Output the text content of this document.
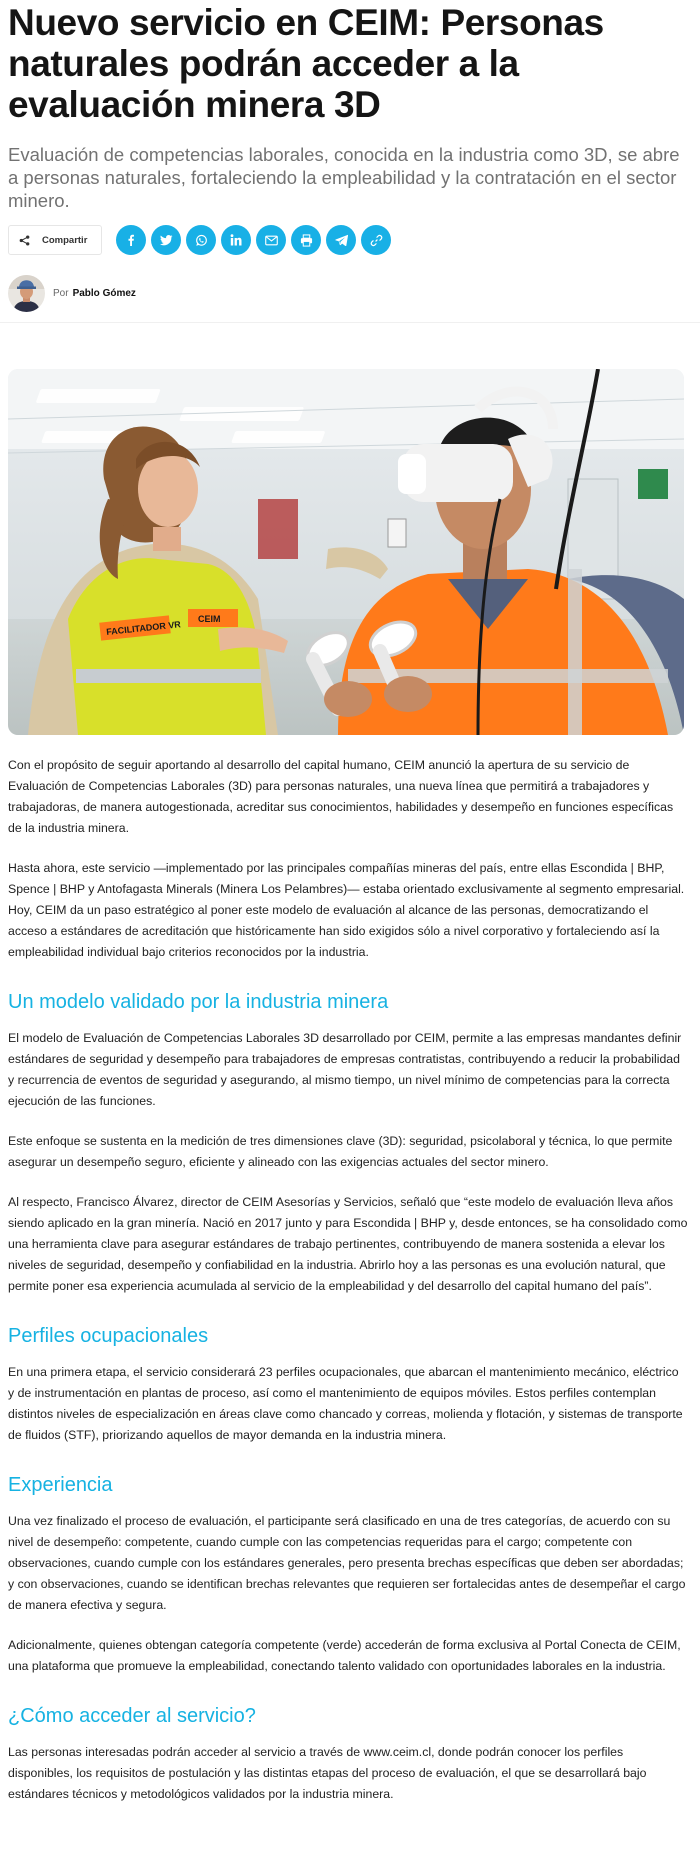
Nuevo servicio en CEIM: Personas naturales podrán acceder a la evaluación minera 3D

Evaluación de competencias laborales, conocida en la industria como 3D, se abre a personas naturales, fortaleciendo la empleabilidad y la contratación en el sector minero.

Compartir
Por Pablo Gómez
FACILITADOR VR
CEIM

Con el propósito de seguir aportando al desarrollo del capital humano, CEIM anunció la apertura de su servicio de Evaluación de Competencias Laborales (3D) para personas naturales, una nueva línea que permitirá a trabajadores y trabajadoras, de manera autogestionada, acreditar sus conocimientos, habilidades y desempeño en funciones específicas de la industria minera.

Hasta ahora, este servicio —implementado por las principales compañías mineras del país, entre ellas Escondida | BHP, Spence | BHP y Antofagasta Minerals (Minera Los Pelambres)— estaba orientado exclusivamente al segmento empresarial. Hoy, CEIM da un paso estratégico al poner este modelo de evaluación al alcance de las personas, democratizando el acceso a estándares de acreditación que históricamente han sido exigidos sólo a nivel corporativo y fortaleciendo así la empleabilidad individual bajo criterios reconocidos por la industria.

Un modelo validado por la industria minera

El modelo de Evaluación de Competencias Laborales 3D desarrollado por CEIM, permite a las empresas mandantes definir estándares de seguridad y desempeño para trabajadores de empresas contratistas, contribuyendo a reducir la probabilidad y recurrencia de eventos de seguridad y asegurando, al mismo tiempo, un nivel mínimo de competencias para la correcta ejecución de las funciones.

Este enfoque se sustenta en la medición de tres dimensiones clave (3D): seguridad, psicolaboral y técnica, lo que permite asegurar un desempeño seguro, eficiente y alineado con las exigencias actuales del sector minero.

Al respecto, Francisco Álvarez, director de CEIM Asesorías y Servicios, señaló que “este modelo de evaluación lleva años siendo aplicado en la gran minería. Nació en 2017 junto y para Escondida | BHP y, desde entonces, se ha consolidado como una herramienta clave para asegurar estándares de trabajo pertinentes, contribuyendo de manera sostenida a elevar los niveles de seguridad, desempeño y confiabilidad en la industria. Abrirlo hoy a las personas es una evolución natural, que permite poner esa experiencia acumulada al servicio de la empleabilidad y del desarrollo del capital humano del país”.

Perfiles ocupacionales

En una primera etapa, el servicio considerará 23 perfiles ocupacionales, que abarcan el mantenimiento mecánico, eléctrico y de instrumentación en plantas de proceso, así como el mantenimiento de equipos móviles. Estos perfiles contemplan distintos niveles de especialización en áreas clave como chancado y correas, molienda y flotación, y sistemas de transporte de fluidos (STF), priorizando aquellos de mayor demanda en la industria minera.

Experiencia

Una vez finalizado el proceso de evaluación, el participante será clasificado en una de tres categorías, de acuerdo con su nivel de desempeño: competente, cuando cumple con las competencias requeridas para el cargo; competente con observaciones, cuando cumple con los estándares generales, pero presenta brechas específicas que deben ser abordadas; y con observaciones, cuando se identifican brechas relevantes que requieren ser fortalecidas antes de desempeñar el cargo de manera efectiva y segura.

Adicionalmente, quienes obtengan categoría competente (verde) accederán de forma exclusiva al Portal Conecta de CEIM, una plataforma que promueve la empleabilidad, conectando talento validado con oportunidades laborales en la industria.

¿Cómo acceder al servicio?

Las personas interesadas podrán acceder al servicio a través de www.ceim.cl, donde podrán conocer los perfiles disponibles, los requisitos de postulación y las distintas etapas del proceso de evaluación, el que se desarrollará bajo estándares técnicos y metodológicos validados por la industria minera.
